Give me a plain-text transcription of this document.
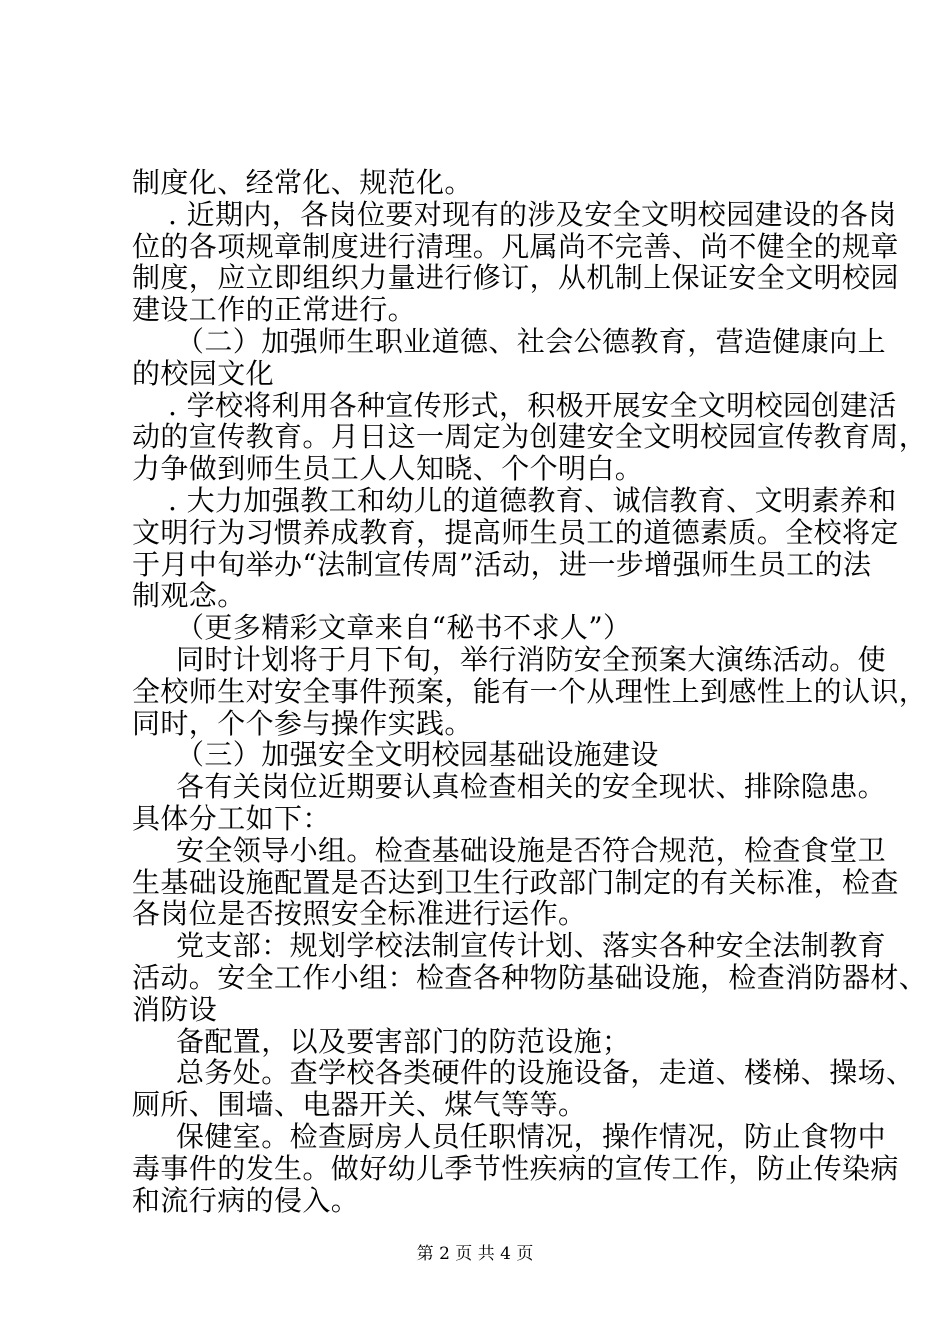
制度化、经常化、规范化。
. 近期内，各岗位要对现有的涉及安全文明校园建设的各岗
位的各项规章制度进行清理。凡属尚不完善、尚不健全的规章
制度，应立即组织力量进行修订，从机制上保证安全文明校园
建设工作的正常进行。
（二）加强师生职业道德、社会公德教育，营造健康向上
的校园文化
. 学校将利用各种宣传形式，积极开展安全文明校园创建活
动的宣传教育。月日这一周定为创建安全文明校园宣传教育周，
力争做到师生员工人人知晓、个个明白。
. 大力加强教工和幼儿的道德教育、诚信教育、文明素养和
文明行为习惯养成教育，提高师生员工的道德素质。全校将定
于月中旬举办“法制宣传周”活动，进一步增强师生员工的法
制观念。
（更多精彩文章来自“秘书不求人”）
同时计划将于月下旬，举行消防安全预案大演练活动。使
全校师生对安全事件预案，能有一个从理性上到感性上的认识，
同时，个个参与操作实践。
（三）加强安全文明校园基础设施建设
各有关岗位近期要认真检查相关的安全现状、排除隐患。
具体分工如下：
安全领导小组。检查基础设施是否符合规范，检查食堂卫
生基础设施配置是否达到卫生行政部门制定的有关标准，检查
各岗位是否按照安全标准进行运作。
党支部：规划学校法制宣传计划、落实各种安全法制教育
活动。安全工作小组：检查各种物防基础设施，检查消防器材、
消防设
备配置，以及要害部门的防范设施；
总务处。查学校各类硬件的设施设备，走道、楼梯、操场、
厕所、围墙、电器开关、煤气等等。
保健室。检查厨房人员任职情况，操作情况，防止食物中
毒事件的发生。做好幼儿季节性疾病的宣传工作，防止传染病
和流行病的侵入。
第 2 页 共 4 页
